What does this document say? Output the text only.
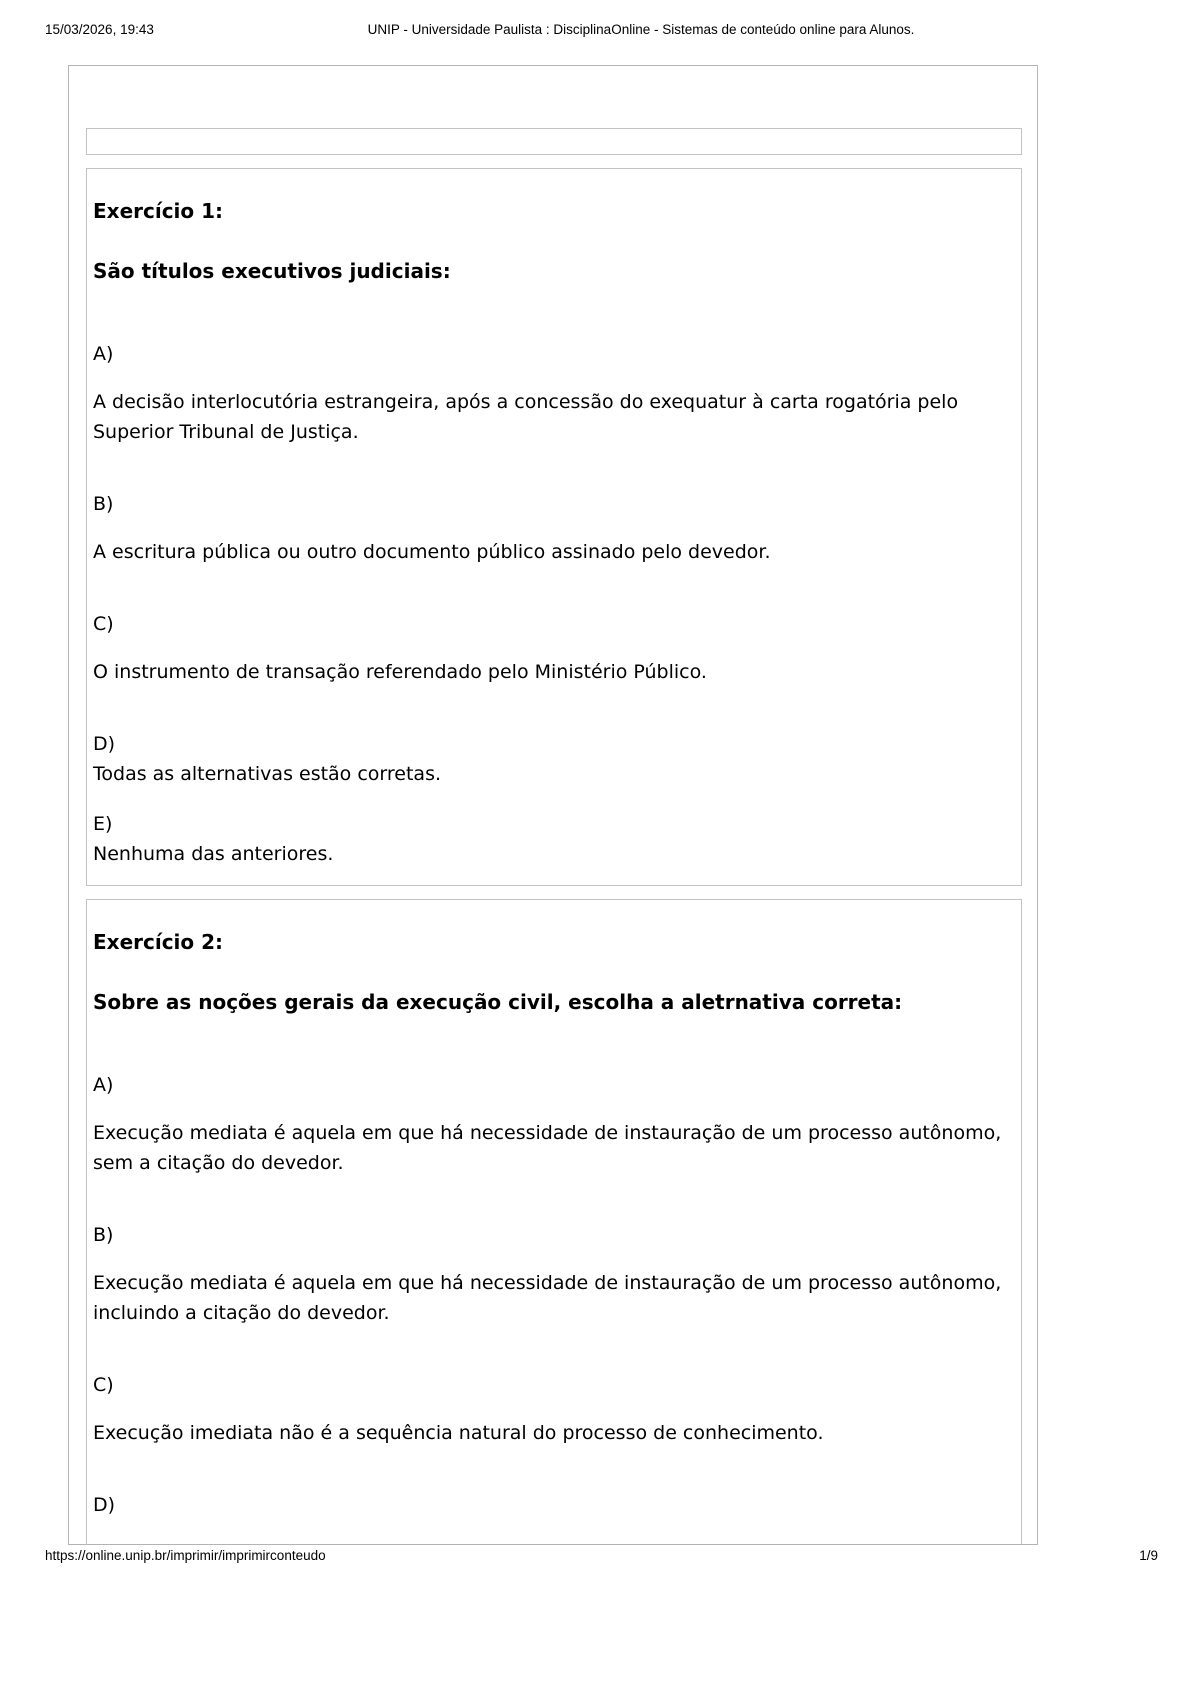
15/03/2026, 19:43	UNIP - Universidade Paulista : DisciplinaOnline - Sistemas de conteúdo online para Alunos.
Exercício 1:
São títulos executivos judiciais:

A)

A decisão interlocutória estrangeira, após a concessão do exequatur à carta rogatória pelo Superior Tribunal de Justiça.

B)

A escritura pública ou outro documento público assinado pelo devedor.

C)

O instrumento de transação referendado pelo Ministério Público.

D)

Todas as alternativas estão corretas.

E)

Nenhuma das anteriores.

Exercício 2:
Sobre as noções gerais da execução civil, escolha a aletrnativa correta:

A)

Execução mediata é aquela em que há necessidade de instauração de um processo autônomo, sem a citação do devedor.

B)

Execução mediata é aquela em que há necessidade de instauração de um processo autônomo, incluindo a citação do devedor.

C)

Execução imediata não é a sequência natural do processo de conhecimento.

D)

https://online.unip.br/imprimir/imprimirconteudo	1/9
